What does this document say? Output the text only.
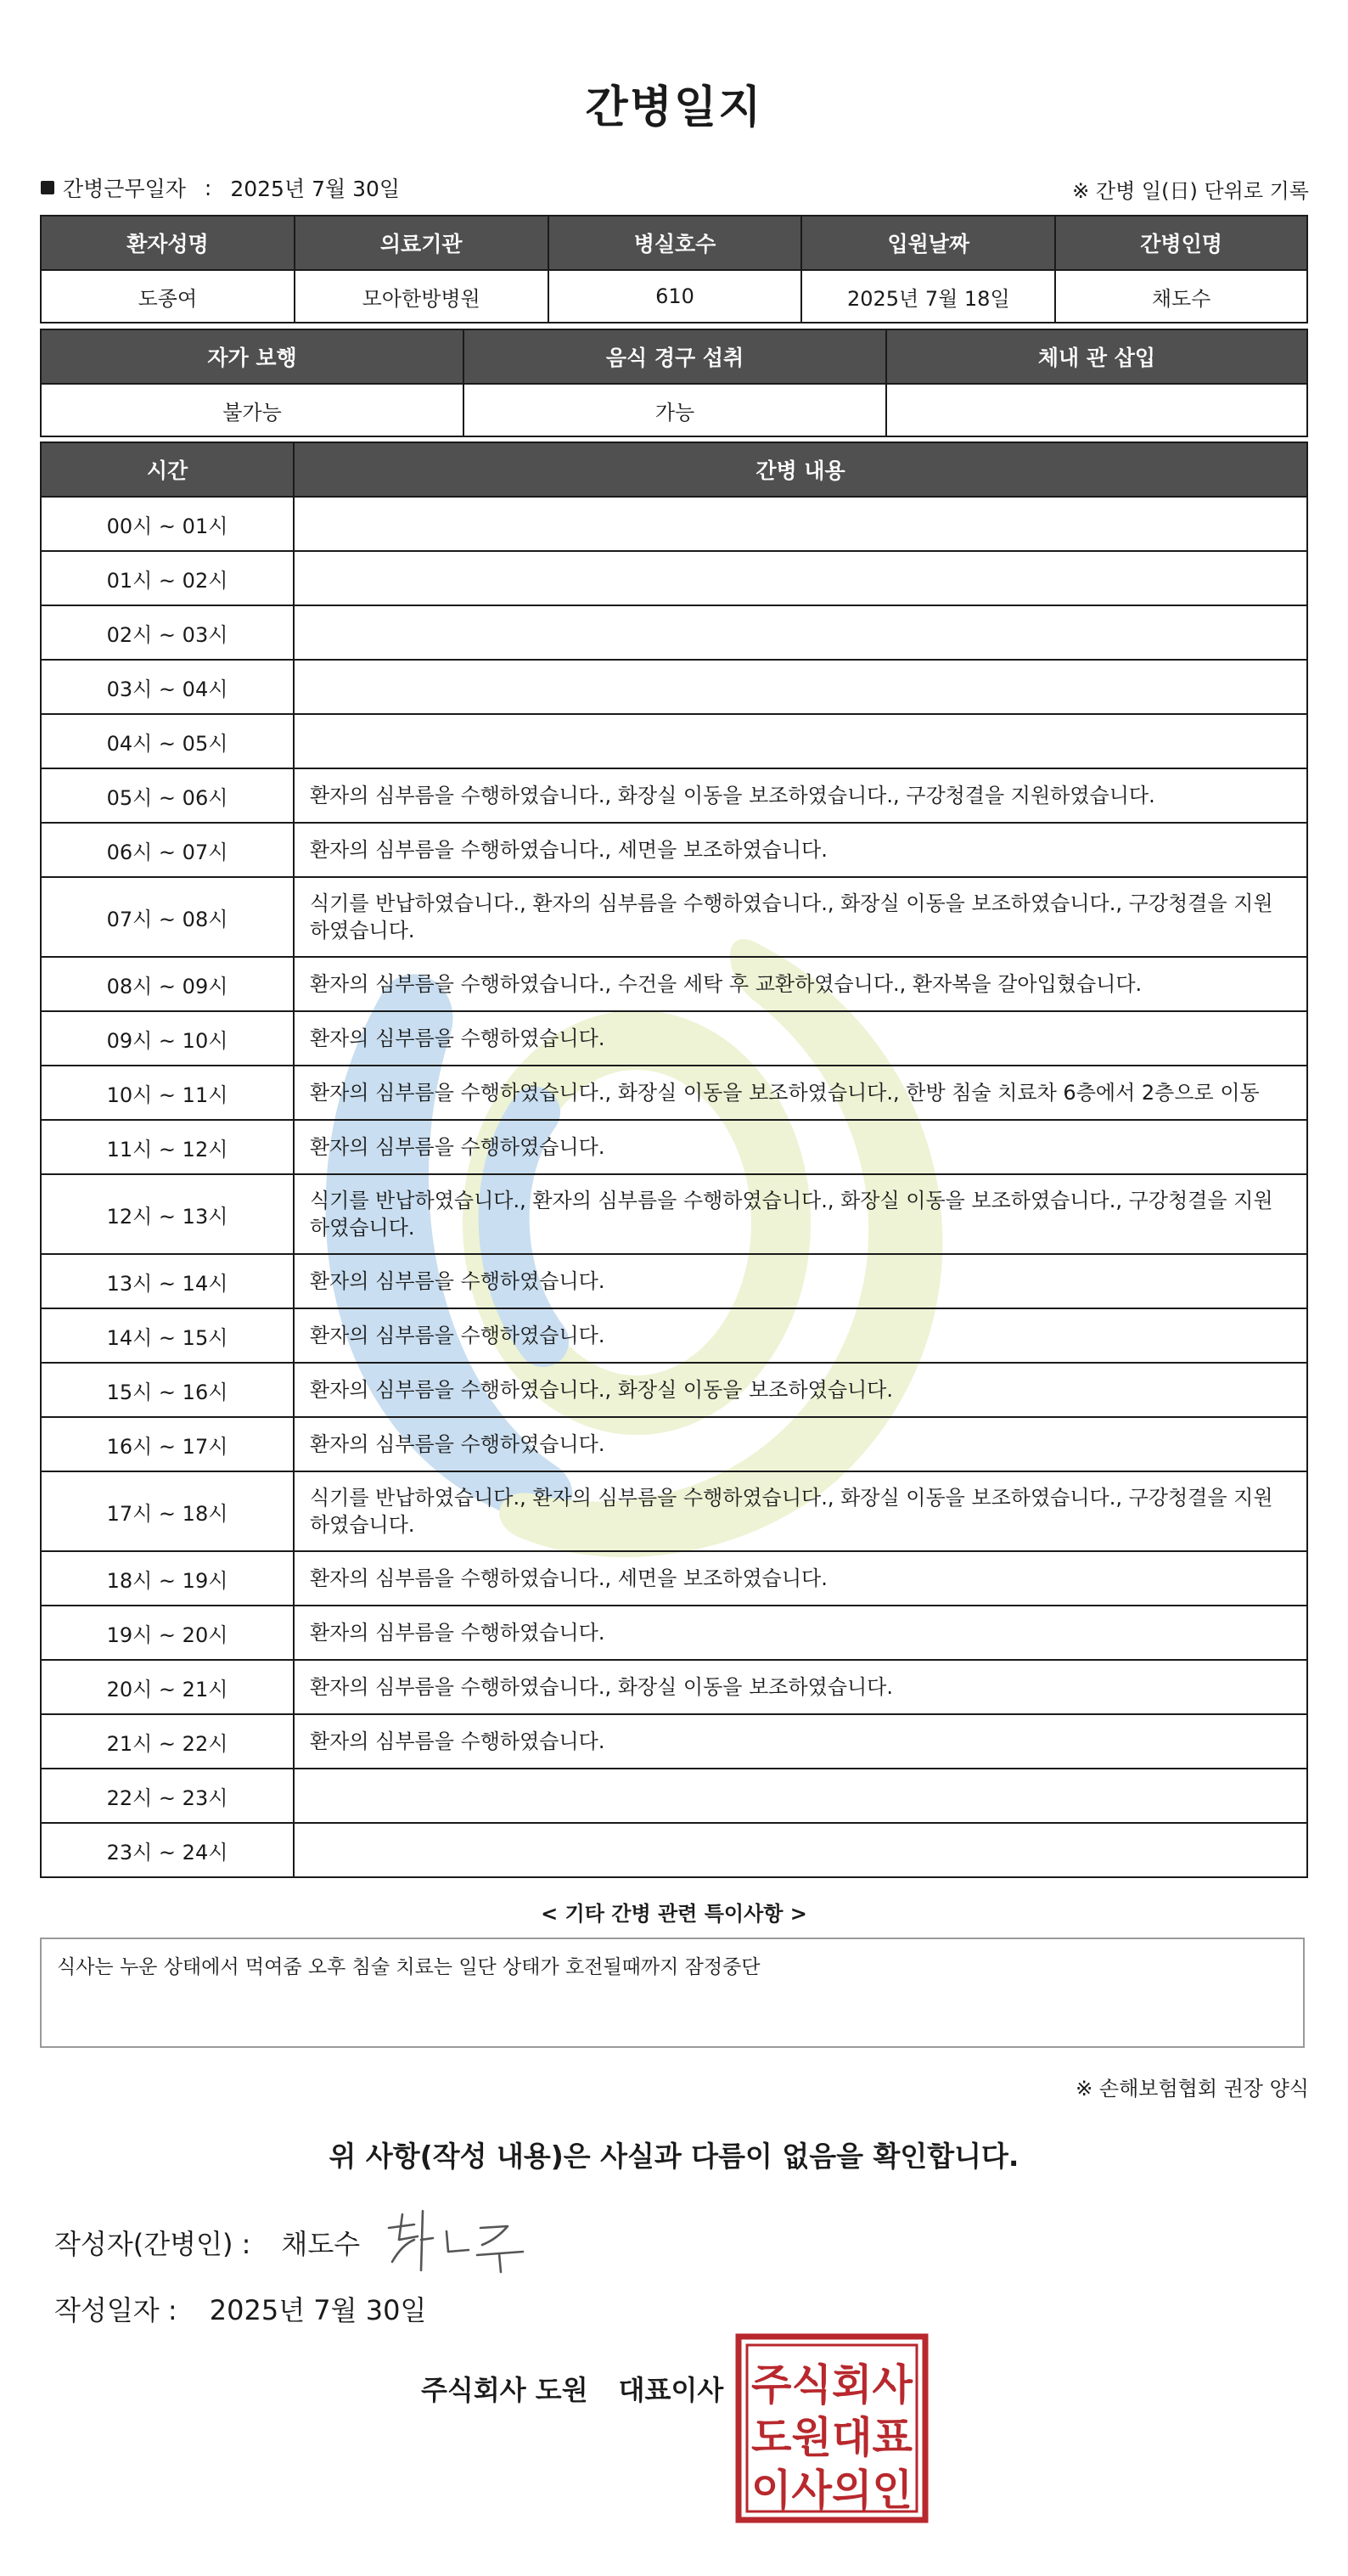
간병일지
간병근무일자 : 2025년 7월 30일	※ 간병 일(日) 단위로 기록
환자성명	의료기관	병실호수	입원날짜	간병인명
도종여	모아한방병원	610	2025년 7월 18일	채도수
자가 보행	음식 경구 섭취	체내 관 삽입
불가능	가능	
시간	간병 내용
00시 ~ 01시	
01시 ~ 02시	
02시 ~ 03시	
03시 ~ 04시	
04시 ~ 05시	
05시 ~ 06시	환자의 심부름을 수행하였습니다., 화장실 이동을 보조하였습니다., 구강청결을 지원하였습니다.
06시 ~ 07시	환자의 심부름을 수행하였습니다., 세면을 보조하였습니다.
07시 ~ 08시	식기를 반납하였습니다., 환자의 심부름을 수행하였습니다., 화장실 이동을 보조하였습니다., 구강청결을 지원하였습니다.
08시 ~ 09시	환자의 심부름을 수행하였습니다., 수건을 세탁 후 교환하였습니다., 환자복을 갈아입혔습니다.
09시 ~ 10시	환자의 심부름을 수행하였습니다.
10시 ~ 11시	환자의 심부름을 수행하였습니다., 화장실 이동을 보조하였습니다., 한방 침술 치료차 6층에서 2층으로 이동
11시 ~ 12시	환자의 심부름을 수행하였습니다.
12시 ~ 13시	식기를 반납하였습니다., 환자의 심부름을 수행하였습니다., 화장실 이동을 보조하였습니다., 구강청결을 지원하였습니다.
13시 ~ 14시	환자의 심부름을 수행하였습니다.
14시 ~ 15시	환자의 심부름을 수행하였습니다.
15시 ~ 16시	환자의 심부름을 수행하였습니다., 화장실 이동을 보조하였습니다.
16시 ~ 17시	환자의 심부름을 수행하였습니다.
17시 ~ 18시	식기를 반납하였습니다., 환자의 심부름을 수행하였습니다., 화장실 이동을 보조하였습니다., 구강청결을 지원하였습니다.
18시 ~ 19시	환자의 심부름을 수행하였습니다., 세면을 보조하였습니다.
19시 ~ 20시	환자의 심부름을 수행하였습니다.
20시 ~ 21시	환자의 심부름을 수행하였습니다., 화장실 이동을 보조하였습니다.
21시 ~ 22시	환자의 심부름을 수행하였습니다.
22시 ~ 23시	
23시 ~ 24시	
< 기타 간병 관련 특이사항 >
식사는 누운 상태에서 먹여줌 오후 침술 치료는 일단 상태가 호전될때까지 잠정중단
※ 손해보험협회 권장 양식
위 사항(작성 내용)은 사실과 다름이 없음을 확인합니다.
작성자(간병인) : 채도수
작성일자 : 2025년 7월 30일
주식회사 도원 대표이사 주식회사
도원대표
이사의인
